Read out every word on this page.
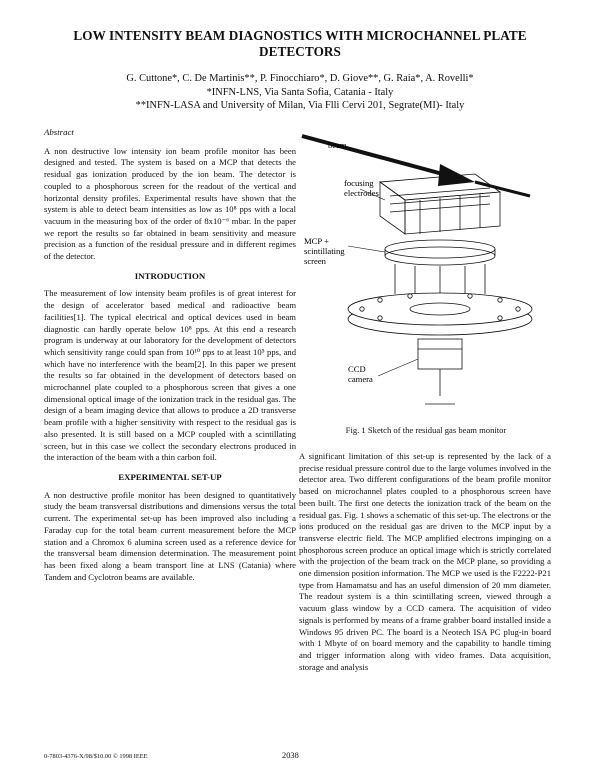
LOW INTENSITY BEAM DIAGNOSTICS WITH MICROCHANNEL PLATE DETECTORS
G. Cuttone*, C. De Martinis**, P. Finocchiaro*, D. Giove**, G. Raia*, A. Rovelli*
*INFN-LNS, Via Santa Sofia, Catania - Italy
**INFN-LASA and University of Milan, Via Flli Cervi 201, Segrate(MI)- Italy
Abstract

A non destructive low intensity ion beam profile monitor has been designed and tested. The system is based on a MCP that detects the residual gas ionization produced by the ion beam. The detector is coupled to a phosphorous screen for the readout of the vertical and horizontal density profiles. Experimental results have shown that the system is able to detect beam intensities as low as 10⁸ pps with a local vacuum in the measuring box of the order of 8x10⁻⁶ mbar. In the paper we report the results so far obtained in beam sensitivity and measure precision as a function of the residual pressure and in different regimes of the detector.

INTRODUCTION

The measurement of low intensity beam profiles is of great interest for the design of accelerator based medical and radioactive beam facilities[1]. The typical electrical and optical devices used in beam diagnostic can hardly operate below 10⁸ pps. At this end a research program is underway at our laboratory for the development of detectors which sensitivity range could span from 10¹⁰ pps to at least 10⁵ pps, and which have no interference with the beam[2]. In this paper we present the results so far obtained in the development of detectors based on microchannel plate coupled to a phosphorous screen that gives a one dimensional optical image of the ionization track in the residual gas. The design of a beam imaging device that allows to produce a 2D transverse beam profile with a higher sensitivity with respect to the residual gas is also presented. It is still based on a MCP coupled with a scintillating screen, but in this case we collect the secondary electrons produced in the interaction of the beam with a thin carbon foil.

EXPERIMENTAL SET-UP

A non destructive profile monitor has been designed to quantitatively study the beam transversal distributions and dimensions versus the total current. The experimental set-up has been improved also including a Faraday cup for the total beam current measurement before the MCP station and a Chromox 6 alumina screen used as a reference device for the transversal beam dimension determination. The measurement point has been fixed along a beam transport line at LNS (Catania) where Tandem and Cyclotron beams are available.

beam
focusing
electrodes
MCP +
scintillating
screen
CCD
camera
Fig. 1 Sketch of the residual gas beam monitor

A significant limitation of this set-up is represented by the lack of a precise residual pressure control due to the large volumes involved in the detector area. Two different configurations of the beam profile monitor based on microchannel plates coupled to a phosphorous screen have been built. The first one detects the ionization track of the beam on the residual gas. Fig. 1 shows a schematic of this set-up. The electrons or the ions produced on the residual gas are driven to the MCP input by a transverse electric field. The MCP amplified electrons impinging on a phosphorous screen produce an optical image which is strictly correlated with the projection of the beam track on the MCP plane, so providing a one dimension position information. The MCP we used is the F2222-P21 type from Hamamatsu and has an useful dimension of 20 mm diameter. The readout system is a thin scintillating screen, viewed through a vacuum glass window by a CCD camera. The acquisition of video signals is performed by means of a frame grabber board installed inside a Windows 95 driven PC. The board is a Neotech ISA PC plug-in board with 1 Mbyte of on board memory and the capability to handle timing and trigger information along with video frames. Data acquisition, storage and analysis

0-7803-4376-X/98/$10.00 © 1998 IEEE	2038
